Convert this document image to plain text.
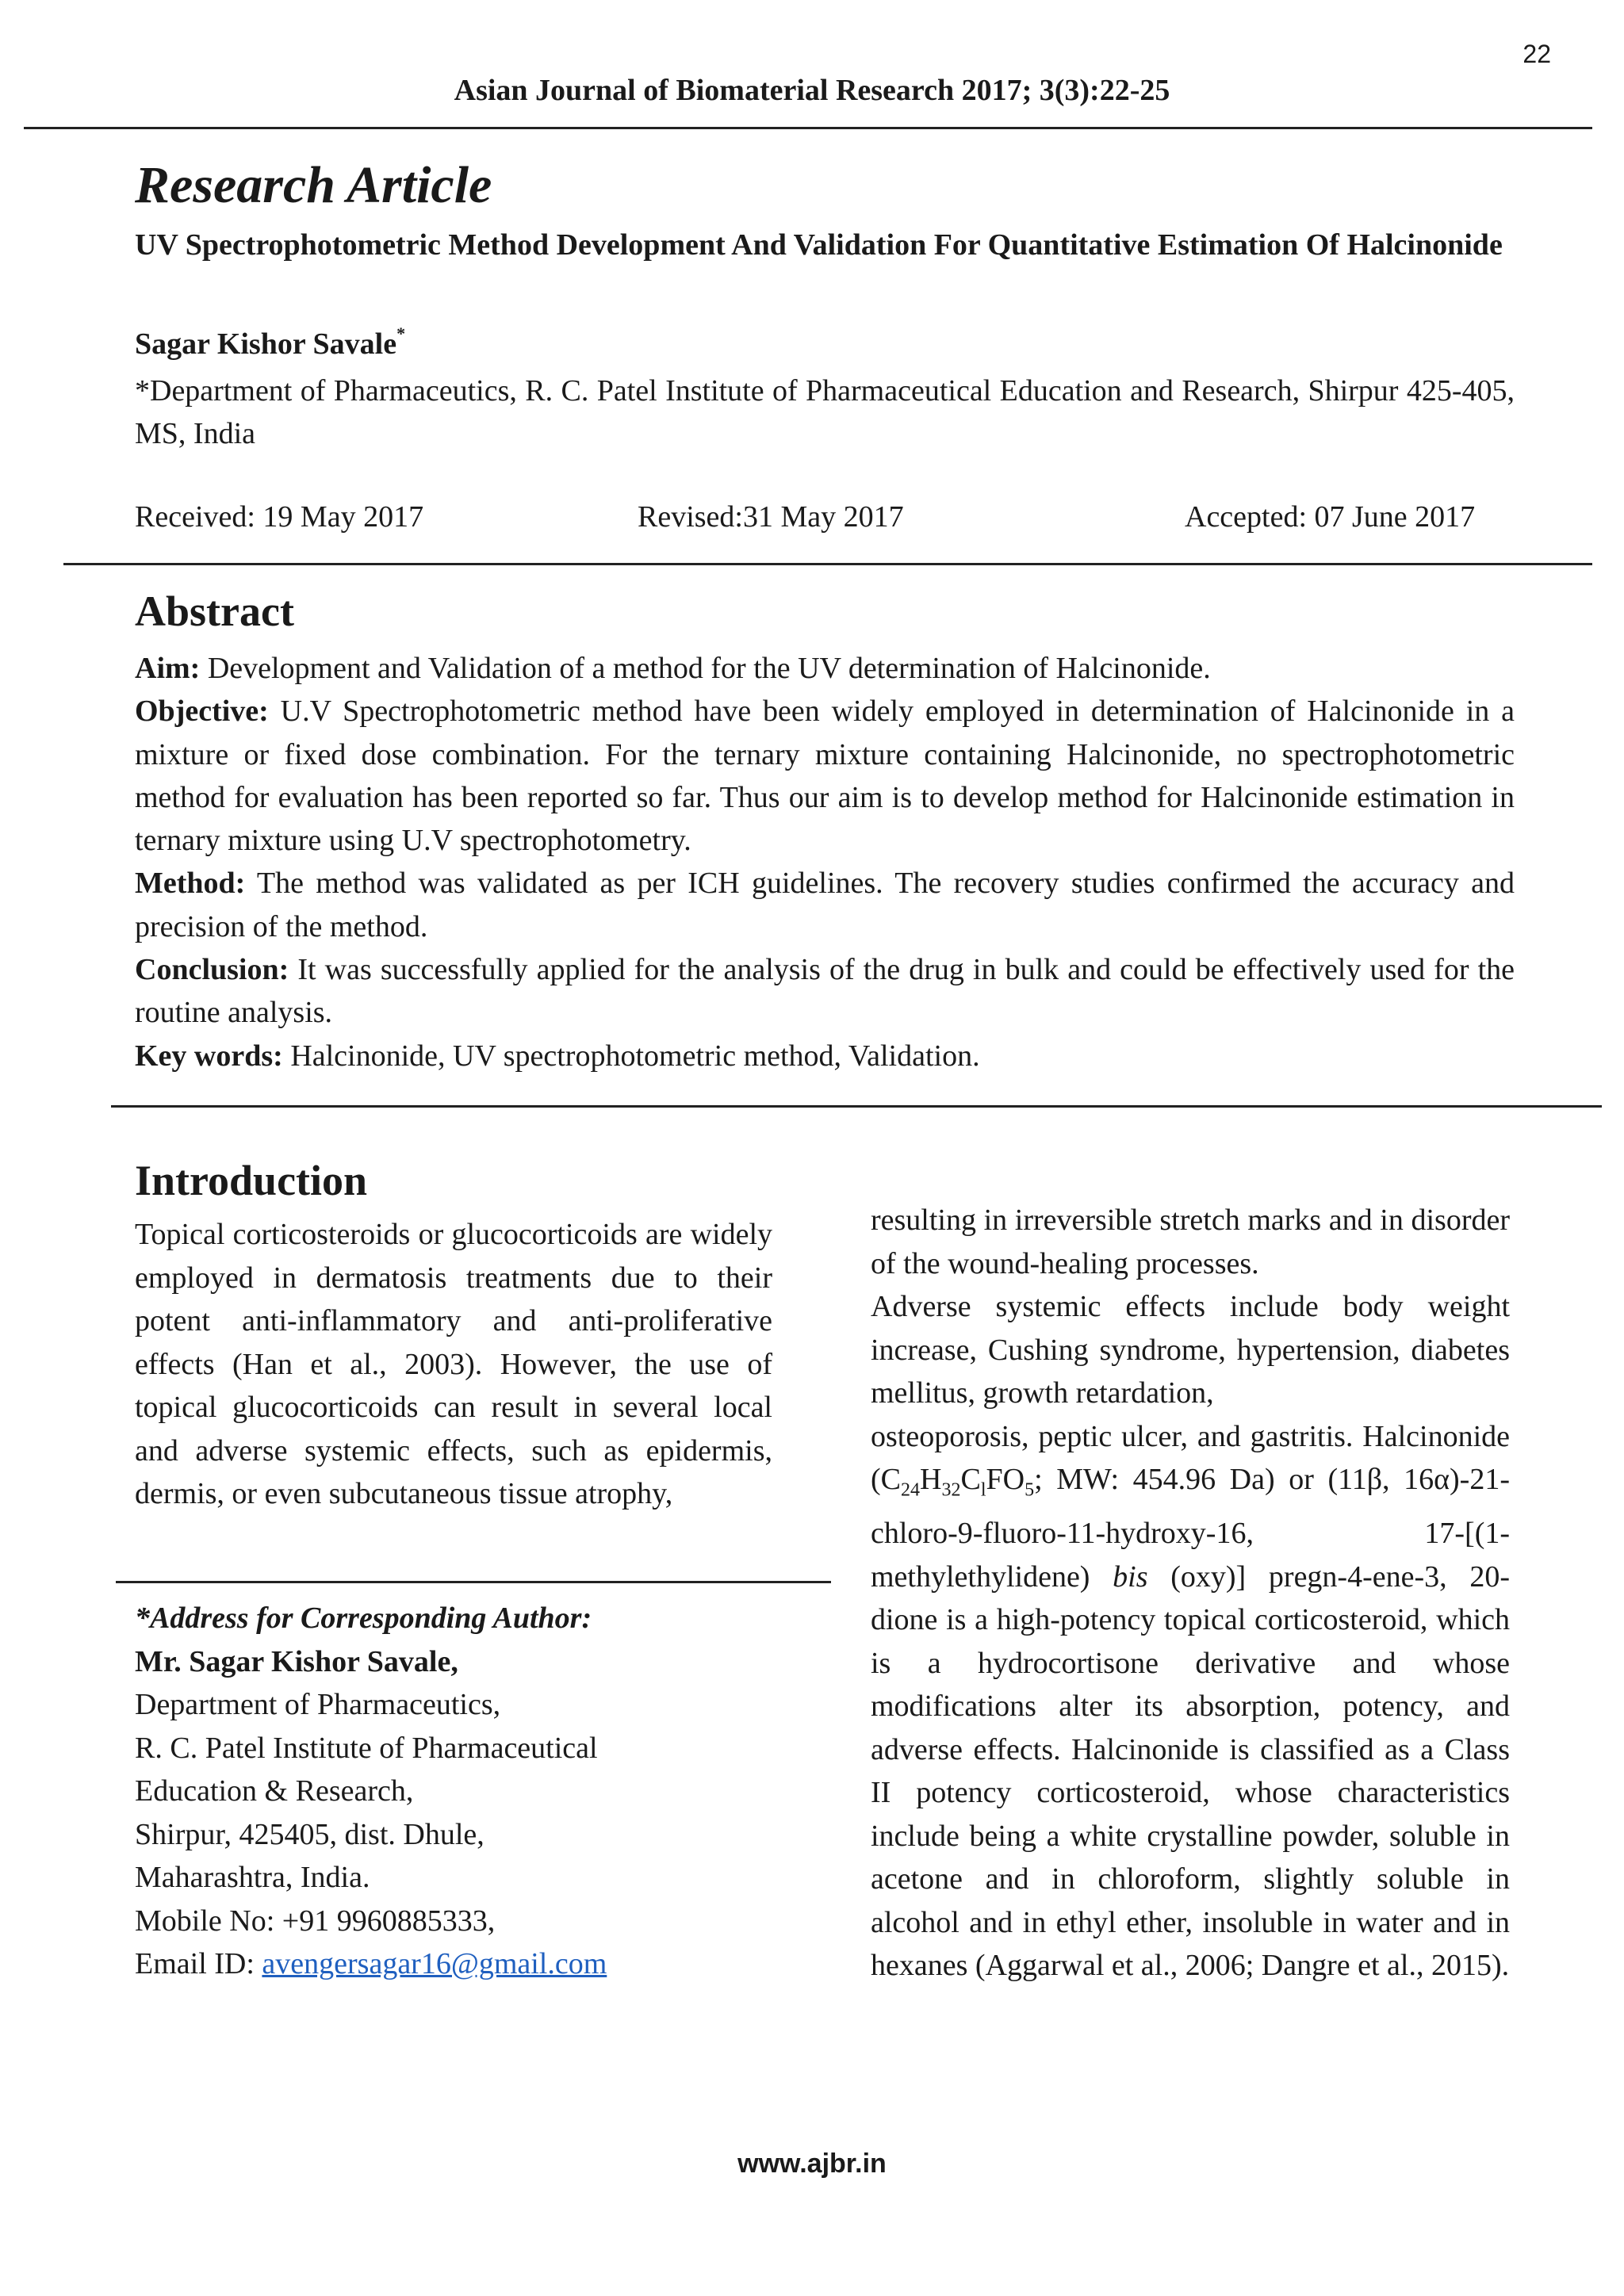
22
Asian Journal of Biomaterial Research 2017; 3(3):22-25
Research Article
UV Spectrophotometric Method Development And Validation For Quantitative Estimation Of Halcinonide
Sagar Kishor Savale*
*Department of Pharmaceutics, R. C. Patel Institute of Pharmaceutical Education and Research, Shirpur 425-405, MS, India
Received: 19 May 2017	Revised:31 May 2017	Accepted: 07 June 2017
Abstract

Aim: Development and Validation of a method for the UV determination of Halcinonide.

Objective: U.V Spectrophotometric method have been widely employed in determination of Halcinonide in a mixture or fixed dose combination. For the ternary mixture containing Halcinonide, no spectrophotometric method for evaluation has been reported so far. Thus our aim is to develop method for Halcinonide estimation in ternary mixture using U.V spectrophotometry.

Method: The method was validated as per ICH guidelines. The recovery studies confirmed the accuracy and precision of the method.

Conclusion: It was successfully applied for the analysis of the drug in bulk and could be effectively used for the routine analysis.

Key words: Halcinonide, UV spectrophotometric method, Validation.

Introduction

Topical corticosteroids or glucocorticoids are widely employed in dermatosis treatments due to their potent anti-inflammatory and anti-proliferative effects (Han et al., 2003). However, the use of topical glucocorticoids can result in several local and adverse systemic effects, such as epidermis, dermis, or even subcutaneous tissue atrophy,

*Address for Corresponding Author:
Mr. Sagar Kishor Savale,
Department of Pharmaceutics,
R. C. Patel Institute of Pharmaceutical
Education & Research,
Shirpur, 425405, dist. Dhule,
Maharashtra, India.
Mobile No: +91 9960885333,
Email ID: avengersagar16@gmail.com

resulting in irreversible stretch marks and in disorder of the wound-healing processes.

Adverse systemic effects include body weight increase, Cushing syndrome, hypertension, diabetes mellitus, growth retardation,

osteoporosis, peptic ulcer, and gastritis. Halcinonide ($C_{24}H_{32}C_lFO_5$; MW: 454.96 Da) or (11β, 16α)-21-chloro-9-fluoro-11-hydroxy-16, 17-[(1-methylethylidene) bis (oxy)] pregn-4-ene-3, 20-dione is a high-potency topical corticosteroid, which is a hydrocortisone derivative and whose modifications alter its absorption, potency, and adverse effects. Halcinonide is classified as a Class II potency corticosteroid, whose characteristics include being a white crystalline powder, soluble in acetone and in chloroform, slightly soluble in alcohol and in ethyl ether, insoluble in water and in hexanes (Aggarwal et al., 2006; Dangre et al., 2015).

www.ajbr.in
